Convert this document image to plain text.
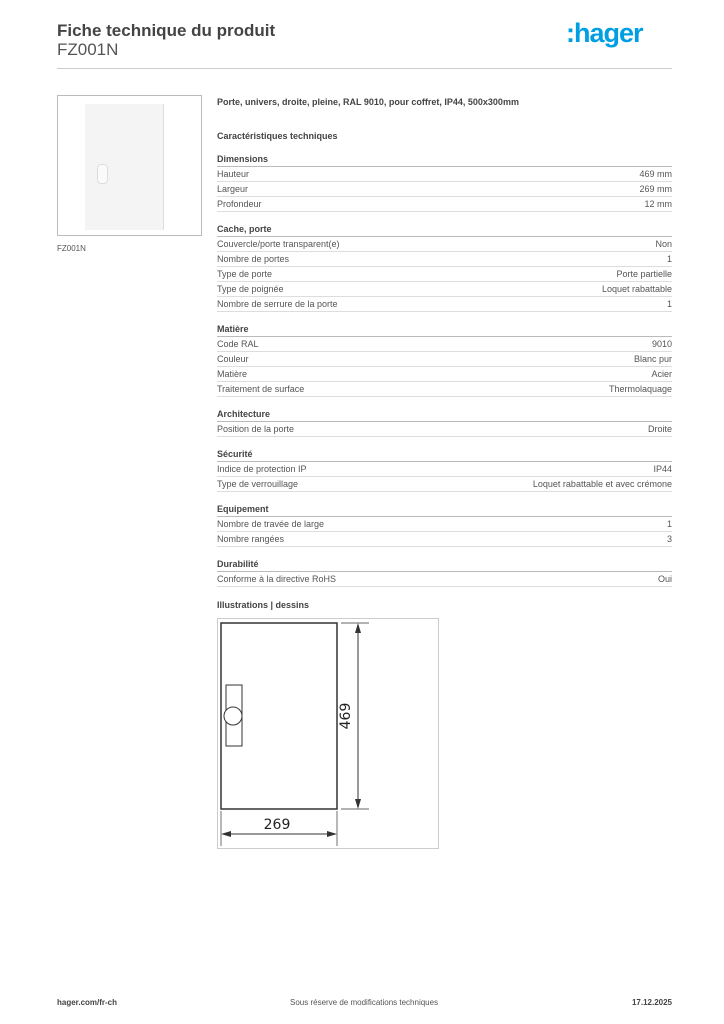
Fiche technique du produit
FZ001N
:hager
FZ001N
Porte, univers, droite, pleine, RAL 9010, pour coffret, IP44, 500x300mm
Caractéristiques techniques
Dimensions
Hauteur	469 mm
Largeur	269 mm
Profondeur	12 mm
Cache, porte
Couvercle/porte transparent(e)	Non
Nombre de portes	1
Type de porte	Porte partielle
Type de poignée	Loquet rabattable
Nombre de serrure de la porte	1
Matière
Code RAL	9010
Couleur	Blanc pur
Matière	Acier
Traitement de surface	Thermolaquage
Architecture
Position de la porte	Droite
Sécurité
Indice de protection IP	IP44
Type de verrouillage	Loquet rabattable et avec crémone
Equipement
Nombre de travée de large	1
Nombre rangées	3
Durabilité
Conforme à la directive RoHS	Oui
Illustrations | dessins
469
269
hager.com/fr-ch	Sous réserve de modifications techniques	17.12.2025
